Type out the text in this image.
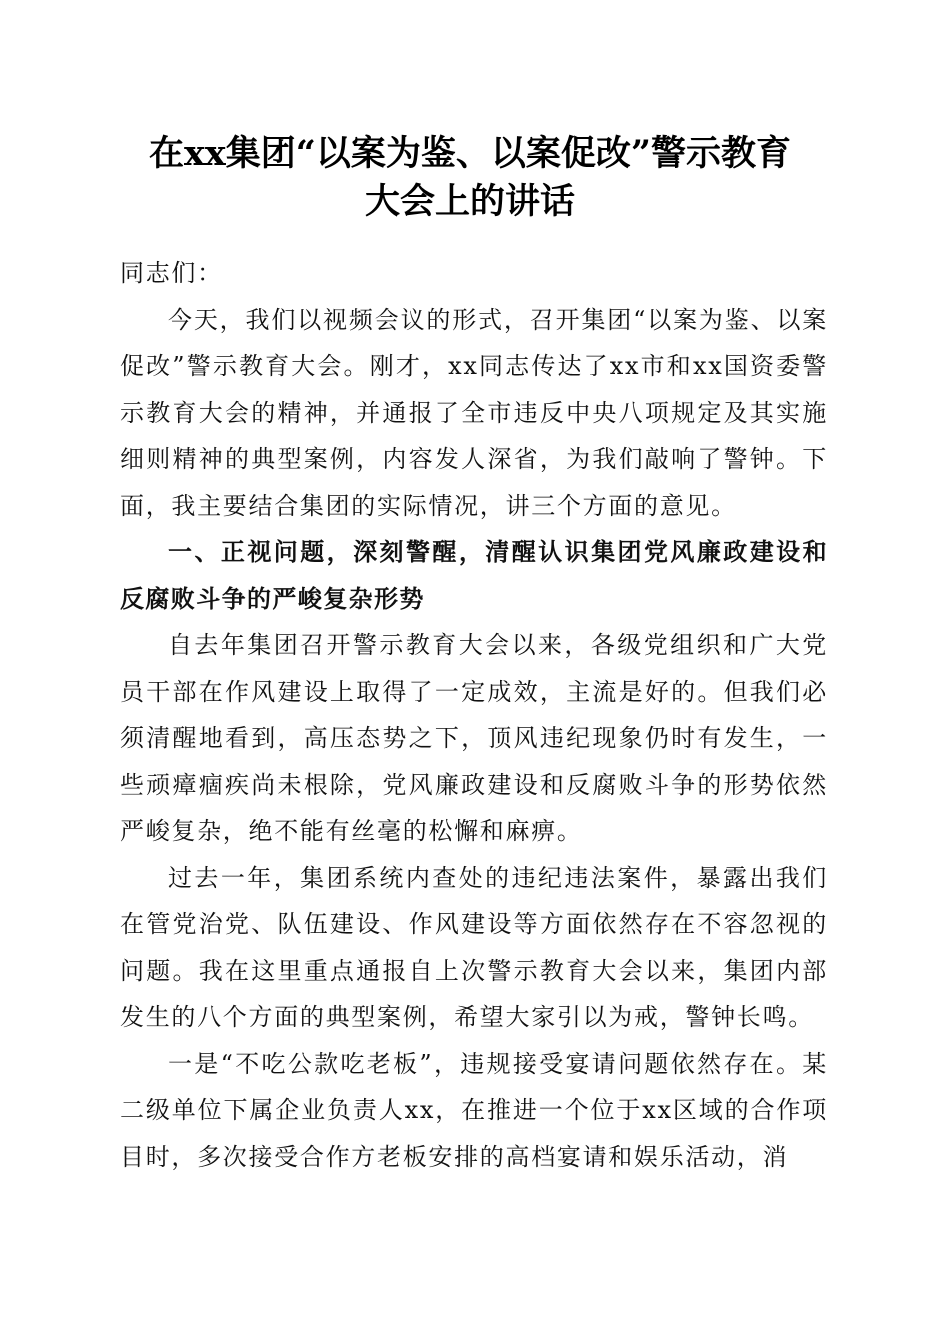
在xx集团“以案为鉴、以案促改”警示教育
大会上的讲话

同志们：

今天，我们以视频会议的形式，召开集团“以案为鉴、以案促改”警示教育大会。刚才，xx同志传达了xx市和xx国资委警示教育大会的精神，并通报了全市违反中央八项规定及其实施细则精神的典型案例，内容发人深省，为我们敲响了警钟。下面，我主要结合集团的实际情况，讲三个方面的意见。

一、正视问题，深刻警醒，清醒认识集团党风廉政建设和反腐败斗争的严峻复杂形势

自去年集团召开警示教育大会以来，各级党组织和广大党员干部在作风建设上取得了一定成效，主流是好的。但我们必须清醒地看到，高压态势之下，顶风违纪现象仍时有发生，一些顽瘴痼疾尚未根除，党风廉政建设和反腐败斗争的形势依然严峻复杂，绝不能有丝毫的松懈和麻痹。

过去一年，集团系统内查处的违纪违法案件，暴露出我们在管党治党、队伍建设、作风建设等方面依然存在不容忽视的问题。我在这里重点通报自上次警示教育大会以来，集团内部发生的八个方面的典型案例，希望大家引以为戒，警钟长鸣。

一是“不吃公款吃老板”，违规接受宴请问题依然存在。某二级单位下属企业负责人xx，在推进一个位于xx区域的合作项目时，多次接受合作方老板安排的高档宴请和娱乐活动，消
